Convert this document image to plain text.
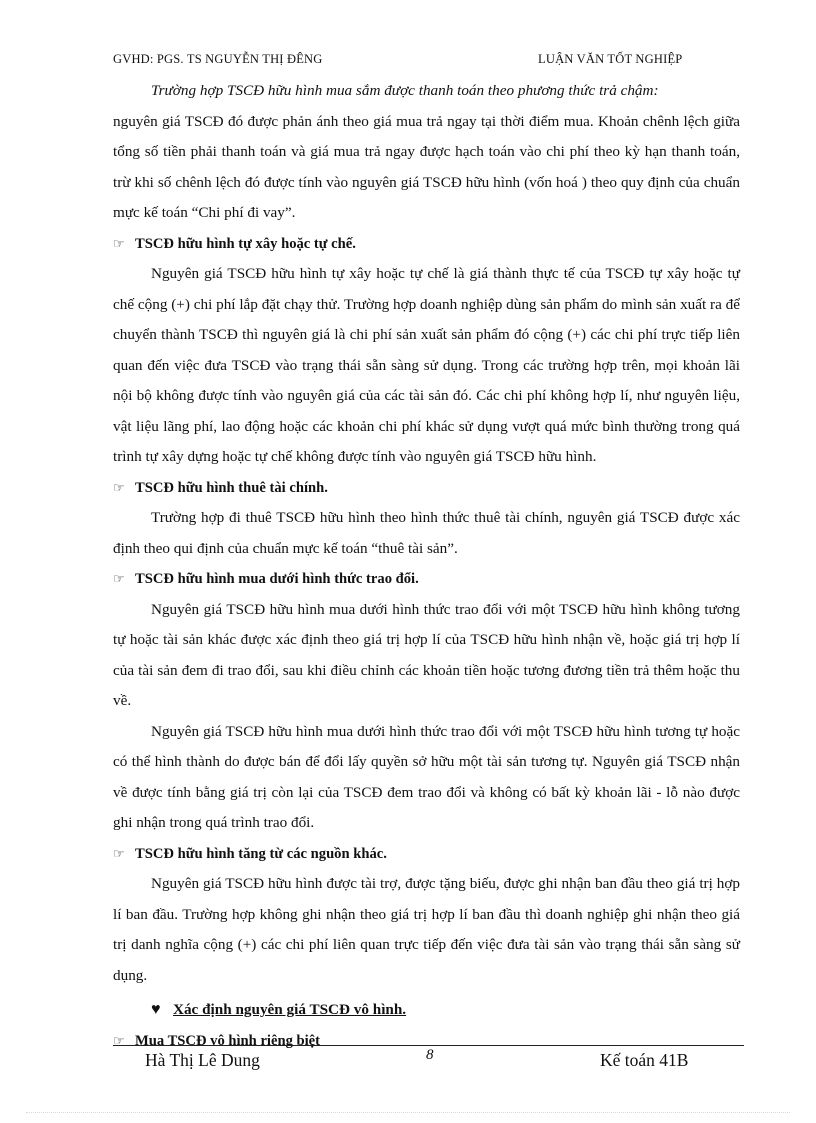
GVHD: PGS. TS NGUYỄN THỊ ĐÊNG	LUẬN VĂN TỐT NGHIỆP

Trường hợp TSCĐ hữu hình mua sắm được thanh toán theo phương thức trả chậm:

nguyên giá TSCĐ đó được phản ánh theo giá mua trả ngay tại thời điểm mua. Khoản chênh lệch giữa tổng số tiền phải thanh toán và giá mua trả ngay được hạch toán vào chi phí theo kỳ hạn thanh toán, trừ khi số chênh lệch đó được tính vào nguyên giá TSCĐ hữu hình (vốn hoá ) theo quy định của chuẩn mực kế toán “Chi phí đi vay”.

☞ TSCĐ hữu hình tự xây hoặc tự chế.

Nguyên giá TSCĐ hữu hình tự xây hoặc tự chế là giá thành thực tế của TSCĐ tự xây hoặc tự chế cộng (+) chi phí lắp đặt chạy thử. Trường hợp doanh nghiệp dùng sản phẩm do mình sản xuất ra để chuyển thành TSCĐ thì nguyên giá là chi phí sản xuất sản phẩm đó cộng (+) các chi phí trực tiếp liên quan đến việc đưa TSCĐ vào trạng thái sẵn sàng sử dụng. Trong các trường hợp trên, mọi khoản lãi nội bộ không được tính vào nguyên giá của các tài sản đó. Các chi phí không hợp lí, như nguyên liệu, vật liệu lãng phí, lao động hoặc các khoản chi phí khác sử dụng vượt quá mức bình thường trong quá trình tự xây dựng hoặc tự chế không được tính vào nguyên giá TSCĐ hữu hình.

☞ TSCĐ hữu hình thuê tài chính.

Trường hợp đi thuê TSCĐ hữu hình theo hình thức thuê tài chính, nguyên giá TSCĐ được xác định theo qui định của chuẩn mực kế toán “thuê tài sản”.

☞ TSCĐ hữu hình mua dưới hình thức trao đổi.

Nguyên giá TSCĐ hữu hình mua dưới hình thức trao đổi với một TSCĐ hữu hình không tương tự hoặc tài sản khác được xác định theo giá trị hợp lí của TSCĐ hữu hình nhận về, hoặc giá trị hợp lí của tài sản đem đi trao đổi, sau khi điều chỉnh các khoản tiền hoặc tương đương tiền trả thêm hoặc thu về.

Nguyên giá TSCĐ hữu hình mua dưới hình thức trao đổi với một TSCĐ hữu hình tương tự hoặc có thể hình thành do được bán để đổi lấy quyền sở hữu một tài sản tương tự. Nguyên giá TSCĐ nhận về được tính bằng giá trị còn lại của TSCĐ đem trao đổi và không có bất kỳ khoản lãi - lỗ nào được ghi nhận trong quá trình trao đổi.

☞ TSCĐ hữu hình tăng từ các nguồn khác.

Nguyên giá TSCĐ hữu hình được tài trợ, được tặng biếu, được ghi nhận ban đầu theo giá trị hợp lí ban đầu. Trường hợp không ghi nhận theo giá trị hợp lí ban đầu thì doanh nghiệp ghi nhận theo giá trị danh nghĩa cộng (+) các chi phí liên quan trực tiếp đến việc đưa tài sản vào trạng thái sẵn sàng sử dụng.

♥ Xác định nguyên giá TSCĐ vô hình.

☞ Mua TSCĐ vô hình riêng biệt

Hà Thị Lê Dung	8	Kế toán 41B
